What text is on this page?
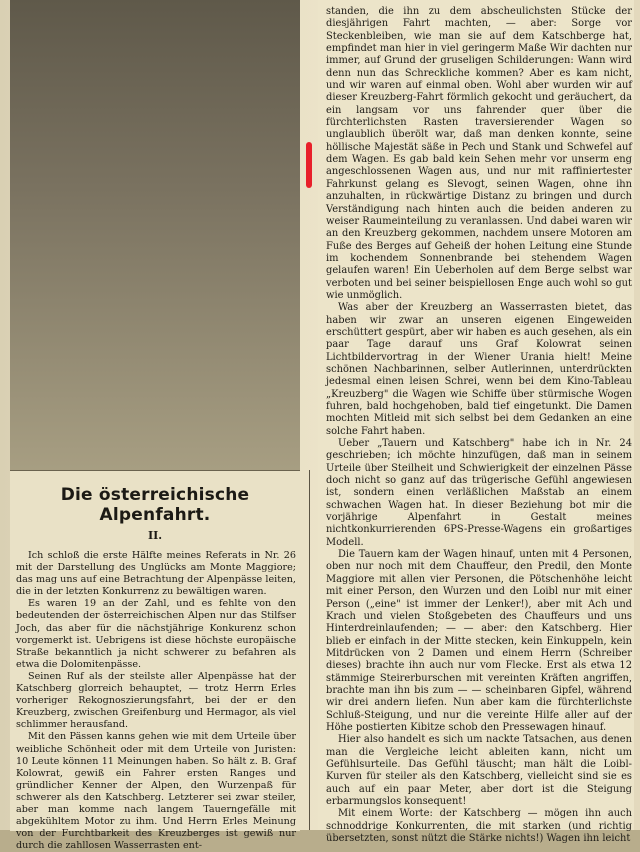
Die österreichische Alpenfahrt.
II.

Ich schloß die erste Hälfte meines Referats in Nr. 26 mit der Darstellung des Unglücks am Monte Maggiore; das mag uns auf eine Betrachtung der Alpenpässe leiten, die in der letzten Konkurrenz zu bewältigen waren.

Es waren 19 an der Zahl, und es fehlte von den bedeutenden der österreichischen Alpen nur das Stilfser Joch, das aber für die nächstjährige Konkurenz schon vorgemerkt ist. Uebrigens ist diese höchste europäische Straße bekanntlich ja nicht schwerer zu befahren als etwa die Dolomitenpässe.

Seinen Ruf als der steilste aller Alpenpässe hat der Katschberg glorreich behauptet, — trotz Herrn Erles vorheriger Rekognoszierungsfahrt, bei der er den Kreuzberg, zwischen Greifenburg und Hermagor, als viel schlimmer herausfand.

Mit den Pässen kanns gehen wie mit dem Urteile über weibliche Schönheit oder mit dem Urteile von Juristen: 10 Leute können 11 Meinungen haben. So hält z. B. Graf Kolowrat, gewiß ein Fahrer ersten Ranges und gründlicher Kenner der Alpen, den Wurzenpaß für schwerer als den Katschberg. Letzterer sei zwar steiler, aber man komme nach langem Tauerngefälle mit abgekühltem Motor zu ihm. Und Herrn Erles Meinung von der Furchtbarkeit des Kreuzberges ist gewiß nur durch die zahllosen Wasserrasten ent-

standen, die ihn zu dem abscheulichsten Stücke der diesjährigen Fahrt machten, — aber: Sorge vor Steckenbleiben, wie man sie auf dem Katschberge hat, empfindet man hier in viel geringerm Maße Wir dachten nur immer, auf Grund der gruseligen Schilderungen: Wann wird denn nun das Schreckliche kommen? Aber es kam nicht, und wir waren auf einmal oben. Wohl aber wurden wir auf dieser Kreuzberg-Fahrt förmlich gekocht und geräuchert, da ein langsam vor uns fahrender quer über die fürchterlichsten Rasten traversierender Wagen so unglaublich überölt war, daß man denken konnte, seine höllische Majestät säße in Pech und Stank und Schwefel auf dem Wagen. Es gab bald kein Sehen mehr vor unserm eng angeschlossenen Wagen aus, und nur mit raffiniertester Fahrkunst gelang es Slevogt, seinen Wagen, ohne ihn anzuhalten, in rückwärtige Distanz zu bringen und durch Verständigung nach hinten auch die beiden anderen zu weiser Raumeinteilung zu veranlassen. Und dabei waren wir an den Kreuzberg gekommen, nachdem unsere Motoren am Fuße des Berges auf Geheiß der hohen Leitung eine Stunde im kochendem Sonnenbrande bei stehendem Wagen gelaufen waren! Ein Ueberholen auf dem Berge selbst war verboten und bei seiner beispiellosen Enge auch wohl so gut wie unmöglich.

Was aber der Kreuzberg an Wasserrasten bietet, das haben wir zwar an unseren eigenen Eingeweiden erschüttert gespürt, aber wir haben es auch gesehen, als ein paar Tage darauf uns Graf Kolowrat seinen Lichtbildervortrag in der Wiener Urania hielt! Meine schönen Nachbarinnen, selber Autlerinnen, unterdrückten jedesmal einen leisen Schrei, wenn bei dem Kino-Tableau „Kreuzberg" die Wagen wie Schiffe über stürmische Wogen fuhren, bald hochgehoben, bald tief eingetunkt. Die Damen mochten Mitleid mit sich selbst bei dem Gedanken an eine solche Fahrt haben.

Ueber „Tauern und Katschberg" habe ich in Nr. 24 geschrieben; ich möchte hinzufügen, daß man in seinem Urteile über Steilheit und Schwierigkeit der einzelnen Pässe doch nicht so ganz auf das trügerische Gefühl angewiesen ist, sondern einen verläßlichen Maßstab an einem schwachen Wagen hat. In dieser Beziehung bot mir die vorjährige Alpenfahrt in Gestalt meines nichtkonkurrierenden 6PS-Presse-Wagens ein großartiges Modell.

Die Tauern kam der Wagen hinauf, unten mit 4 Personen, oben nur noch mit dem Chauffeur, den Predil, den Monte Maggiore mit allen vier Personen, die Pötschenhöhe leicht mit einer Person, den Wurzen und den Loibl nur mit einer Person („eine" ist immer der Lenker!), aber mit Ach und Krach und vielen Stoßgebeten des Chauffeurs und uns Hinterdreinlaufenden; — — aber: den Katschberg. Hier blieb er einfach in der Mitte stecken, kein Einkuppeln, kein Mitdrücken von 2 Damen und einem Herrn (Schreiber dieses) brachte ihn auch nur vom Flecke. Erst als etwa 12 stämmige Steirerburschen mit vereinten Kräften angriffen, brachte man ihn bis zum — — scheinbaren Gipfel, während wir drei andern liefen. Nun aber kam die fürchterlichste Schluß-Steigung, und nur die vereinte Hilfe aller auf der Höhe postierten Kibitze schob den Pressewagen hinauf.

Hier also handelt es sich um nackte Tatsachen, aus denen man die Vergleiche leicht ableiten kann, nicht um Gefühlsurteile. Das Gefühl täuscht; man hält die Loibl-Kurven für steiler als den Katschberg, vielleicht sind sie es auch auf ein paar Meter, aber dort ist die Steigung erbarmungslos konsequent!

Mit einem Worte: der Katschberg — mögen ihn auch schnoddrige Konkurrenten, die mit starken (und richtig übersetzten, sonst nützt die Stärke nichts!) Wagen ihn leicht
